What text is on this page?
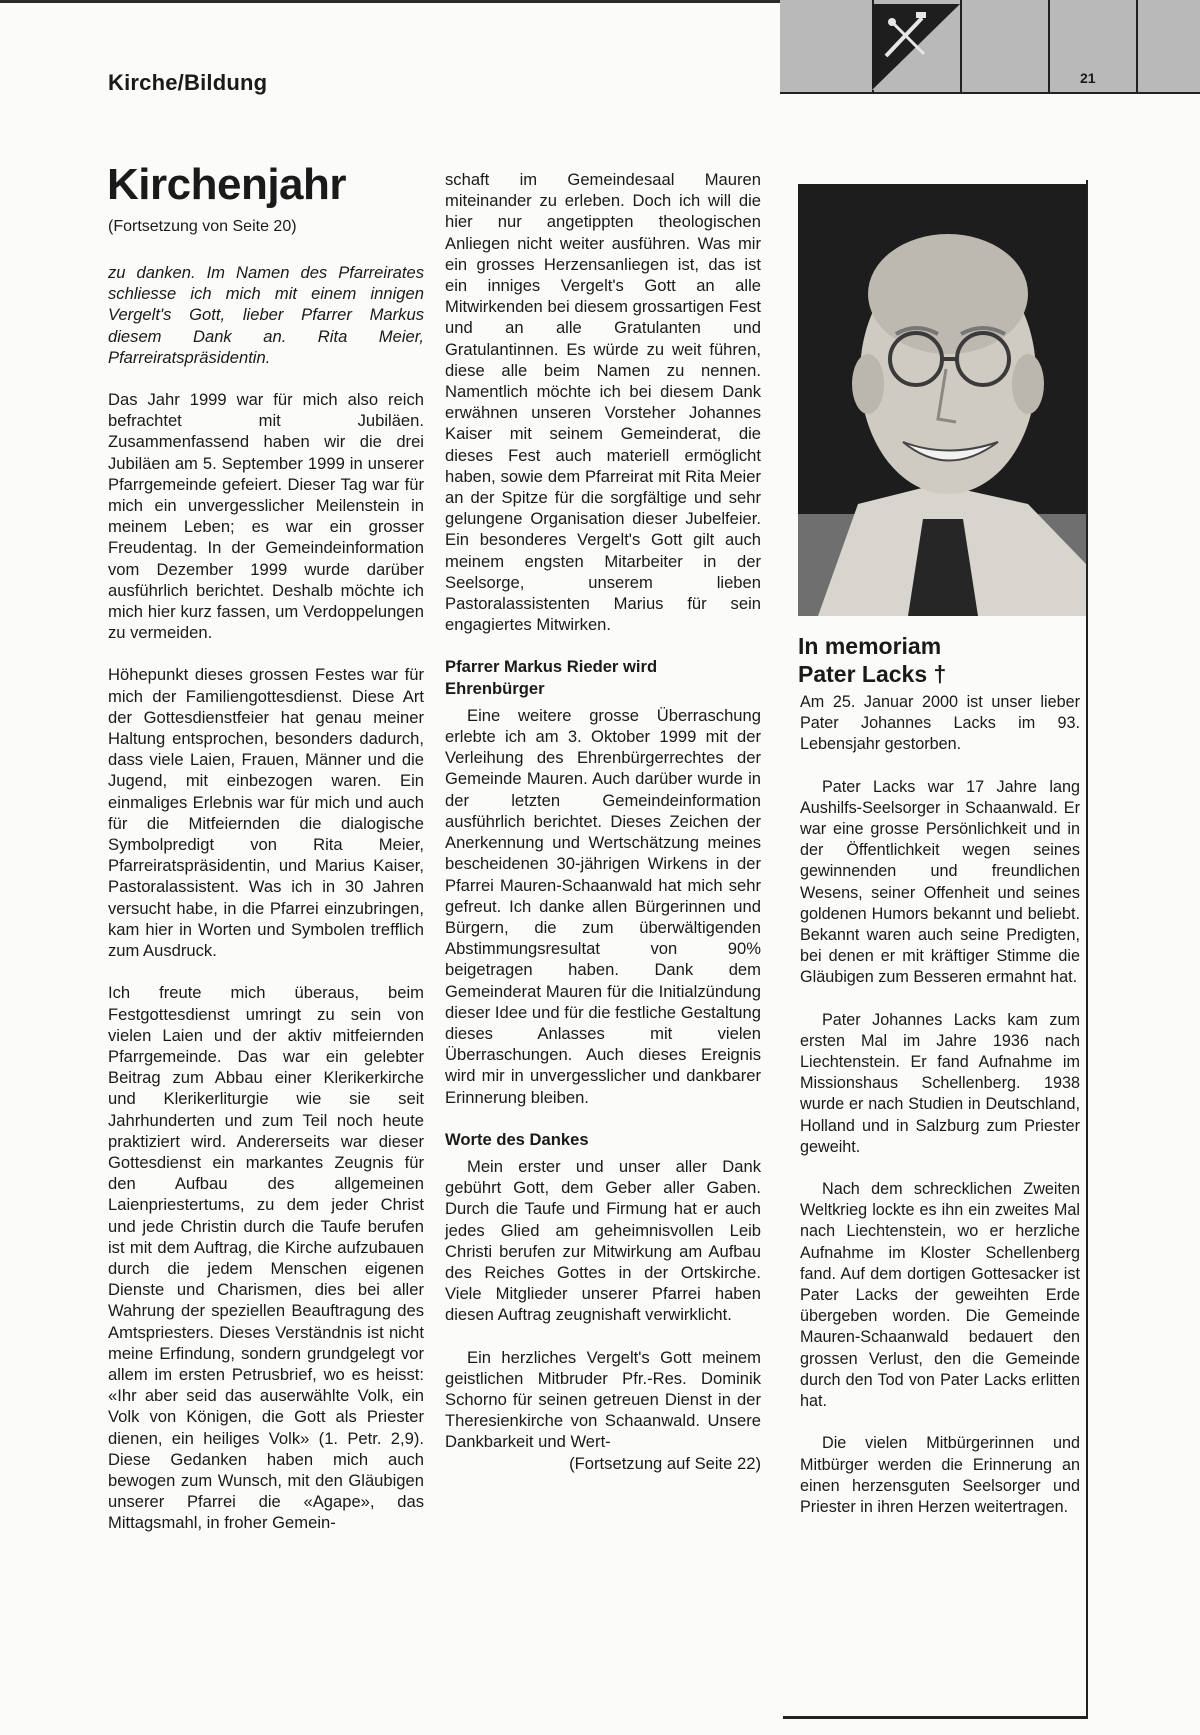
Kirche/Bildung	21
Kirchenjahr
(Fortsetzung von Seite 20)

zu danken. Im Namen des Pfarreirates schliesse ich mich mit einem innigen Vergelt's Gott, lieber Pfarrer Markus diesem Dank an. Rita Meier, Pfarreiratspräsidentin.

Das Jahr 1999 war für mich also reich befrachtet mit Jubiläen. Zusammenfassend haben wir die drei Jubiläen am 5. September 1999 in unserer Pfarrgemeinde gefeiert. Dieser Tag war für mich ein unvergesslicher Meilenstein in meinem Leben; es war ein grosser Freudentag. In der Gemeindeinformation vom Dezember 1999 wurde darüber ausführlich berichtet. Deshalb möchte ich mich hier kurz fassen, um Verdoppelungen zu vermeiden.

Höhepunkt dieses grossen Festes war für mich der Familiengottesdienst. Diese Art der Gottesdienstfeier hat genau meiner Haltung entsprochen, besonders dadurch, dass viele Laien, Frauen, Männer und die Jugend, mit einbezogen waren. Ein einmaliges Erlebnis war für mich und auch für die Mitfeiernden die dialogische Symbolpredigt von Rita Meier, Pfarreiratspräsidentin, und Marius Kaiser, Pastoralassistent. Was ich in 30 Jahren versucht habe, in die Pfarrei einzubringen, kam hier in Worten und Symbolen trefflich zum Ausdruck.

Ich freute mich überaus, beim Festgottesdienst umringt zu sein von vielen Laien und der aktiv mitfeiernden Pfarrgemeinde. Das war ein gelebter Beitrag zum Abbau einer Klerikerkirche und Klerikerliturgie wie sie seit Jahrhunderten und zum Teil noch heute praktiziert wird. Andererseits war dieser Gottesdienst ein markantes Zeugnis für den Aufbau des allgemeinen Laienpriestertums, zu dem jeder Christ und jede Christin durch die Taufe berufen ist mit dem Auftrag, die Kirche aufzubauen durch die jedem Menschen eigenen Dienste und Charismen, dies bei aller Wahrung der speziellen Beauftragung des Amtspriesters. Dieses Verständnis ist nicht meine Erfindung, sondern grundgelegt vor allem im ersten Petrusbrief, wo es heisst: «Ihr aber seid das auserwählte Volk, ein Volk von Königen, die Gott als Priester dienen, ein heiliges Volk» (1. Petr. 2,9). Diese Gedanken haben mich auch bewogen zum Wunsch, mit den Gläubigen unserer Pfarrei die «Agape», das Mittagsmahl, in froher Gemein-

schaft im Gemeindesaal Mauren miteinander zu erleben. Doch ich will die hier nur angetippten theologischen Anliegen nicht weiter ausführen. Was mir ein grosses Herzensanliegen ist, das ist ein inniges Vergelt's Gott an alle Mitwirkenden bei diesem grossartigen Fest und an alle Gratulanten und Gratulantinnen. Es würde zu weit führen, diese alle beim Namen zu nennen. Namentlich möchte ich bei diesem Dank erwähnen unseren Vorsteher Johannes Kaiser mit seinem Gemeinderat, die dieses Fest auch materiell ermöglicht haben, sowie dem Pfarreirat mit Rita Meier an der Spitze für die sorgfältige und sehr gelungene Organisation dieser Jubelfeier. Ein besonderes Vergelt's Gott gilt auch meinem engsten Mitarbeiter in der Seelsorge, unserem lieben Pastoralassistenten Marius für sein engagiertes Mitwirken.

Pfarrer Markus Rieder wird Ehrenbürger

Eine weitere grosse Überraschung erlebte ich am 3. Oktober 1999 mit der Verleihung des Ehrenbürgerrechtes der Gemeinde Mauren. Auch darüber wurde in der letzten Gemeindeinformation ausführlich berichtet. Dieses Zeichen der Anerkennung und Wertschätzung meines bescheidenen 30-jährigen Wirkens in der Pfarrei Mauren-Schaanwald hat mich sehr gefreut. Ich danke allen Bürgerinnen und Bürgern, die zum überwältigenden Abstimmungsresultat von 90% beigetragen haben. Dank dem Gemeinderat Mauren für die Initialzündung dieser Idee und für die festliche Gestaltung dieses Anlasses mit vielen Überraschungen. Auch dieses Ereignis wird mir in unvergesslicher und dankbarer Erinnerung bleiben.

Worte des Dankes

Mein erster und unser aller Dank gebührt Gott, dem Geber aller Gaben. Durch die Taufe und Firmung hat er auch jedes Glied am geheimnisvollen Leib Christi berufen zur Mitwirkung am Aufbau des Reiches Gottes in der Ortskirche. Viele Mitglieder unserer Pfarrei haben diesen Auftrag zeugnishaft verwirklicht.

Ein herzliches Vergelt's Gott meinem geistlichen Mitbruder Pfr.-Res. Dominik Schorno für seinen getreuen Dienst in der Theresienkirche von Schaanwald. Unsere Dankbarkeit und Wert-

(Fortsetzung auf Seite 22)
In memoriam
Pater Lacks †

Am 25. Januar 2000 ist unser lieber Pater Johannes Lacks im 93. Lebensjahr gestorben.

Pater Lacks war 17 Jahre lang Aushilfs-Seelsorger in Schaanwald. Er war eine grosse Persönlichkeit und in der Öffentlichkeit wegen seines gewinnenden und freundlichen Wesens, seiner Offenheit und seines goldenen Humors bekannt und beliebt. Bekannt waren auch seine Predigten, bei denen er mit kräftiger Stimme die Gläubigen zum Besseren ermahnt hat.

Pater Johannes Lacks kam zum ersten Mal im Jahre 1936 nach Liechtenstein. Er fand Aufnahme im Missionshaus Schellenberg. 1938 wurde er nach Studien in Deutschland, Holland und in Salzburg zum Priester geweiht.

Nach dem schrecklichen Zweiten Weltkrieg lockte es ihn ein zweites Mal nach Liechtenstein, wo er herzliche Aufnahme im Kloster Schellenberg fand. Auf dem dortigen Gottesacker ist Pater Lacks der geweihten Erde übergeben worden. Die Gemeinde Mauren-Schaanwald bedauert den grossen Verlust, den die Gemeinde durch den Tod von Pater Lacks erlitten hat.

Die vielen Mitbürgerinnen und Mitbürger werden die Erinnerung an einen herzensguten Seelsorger und Priester in ihren Herzen weitertragen.
